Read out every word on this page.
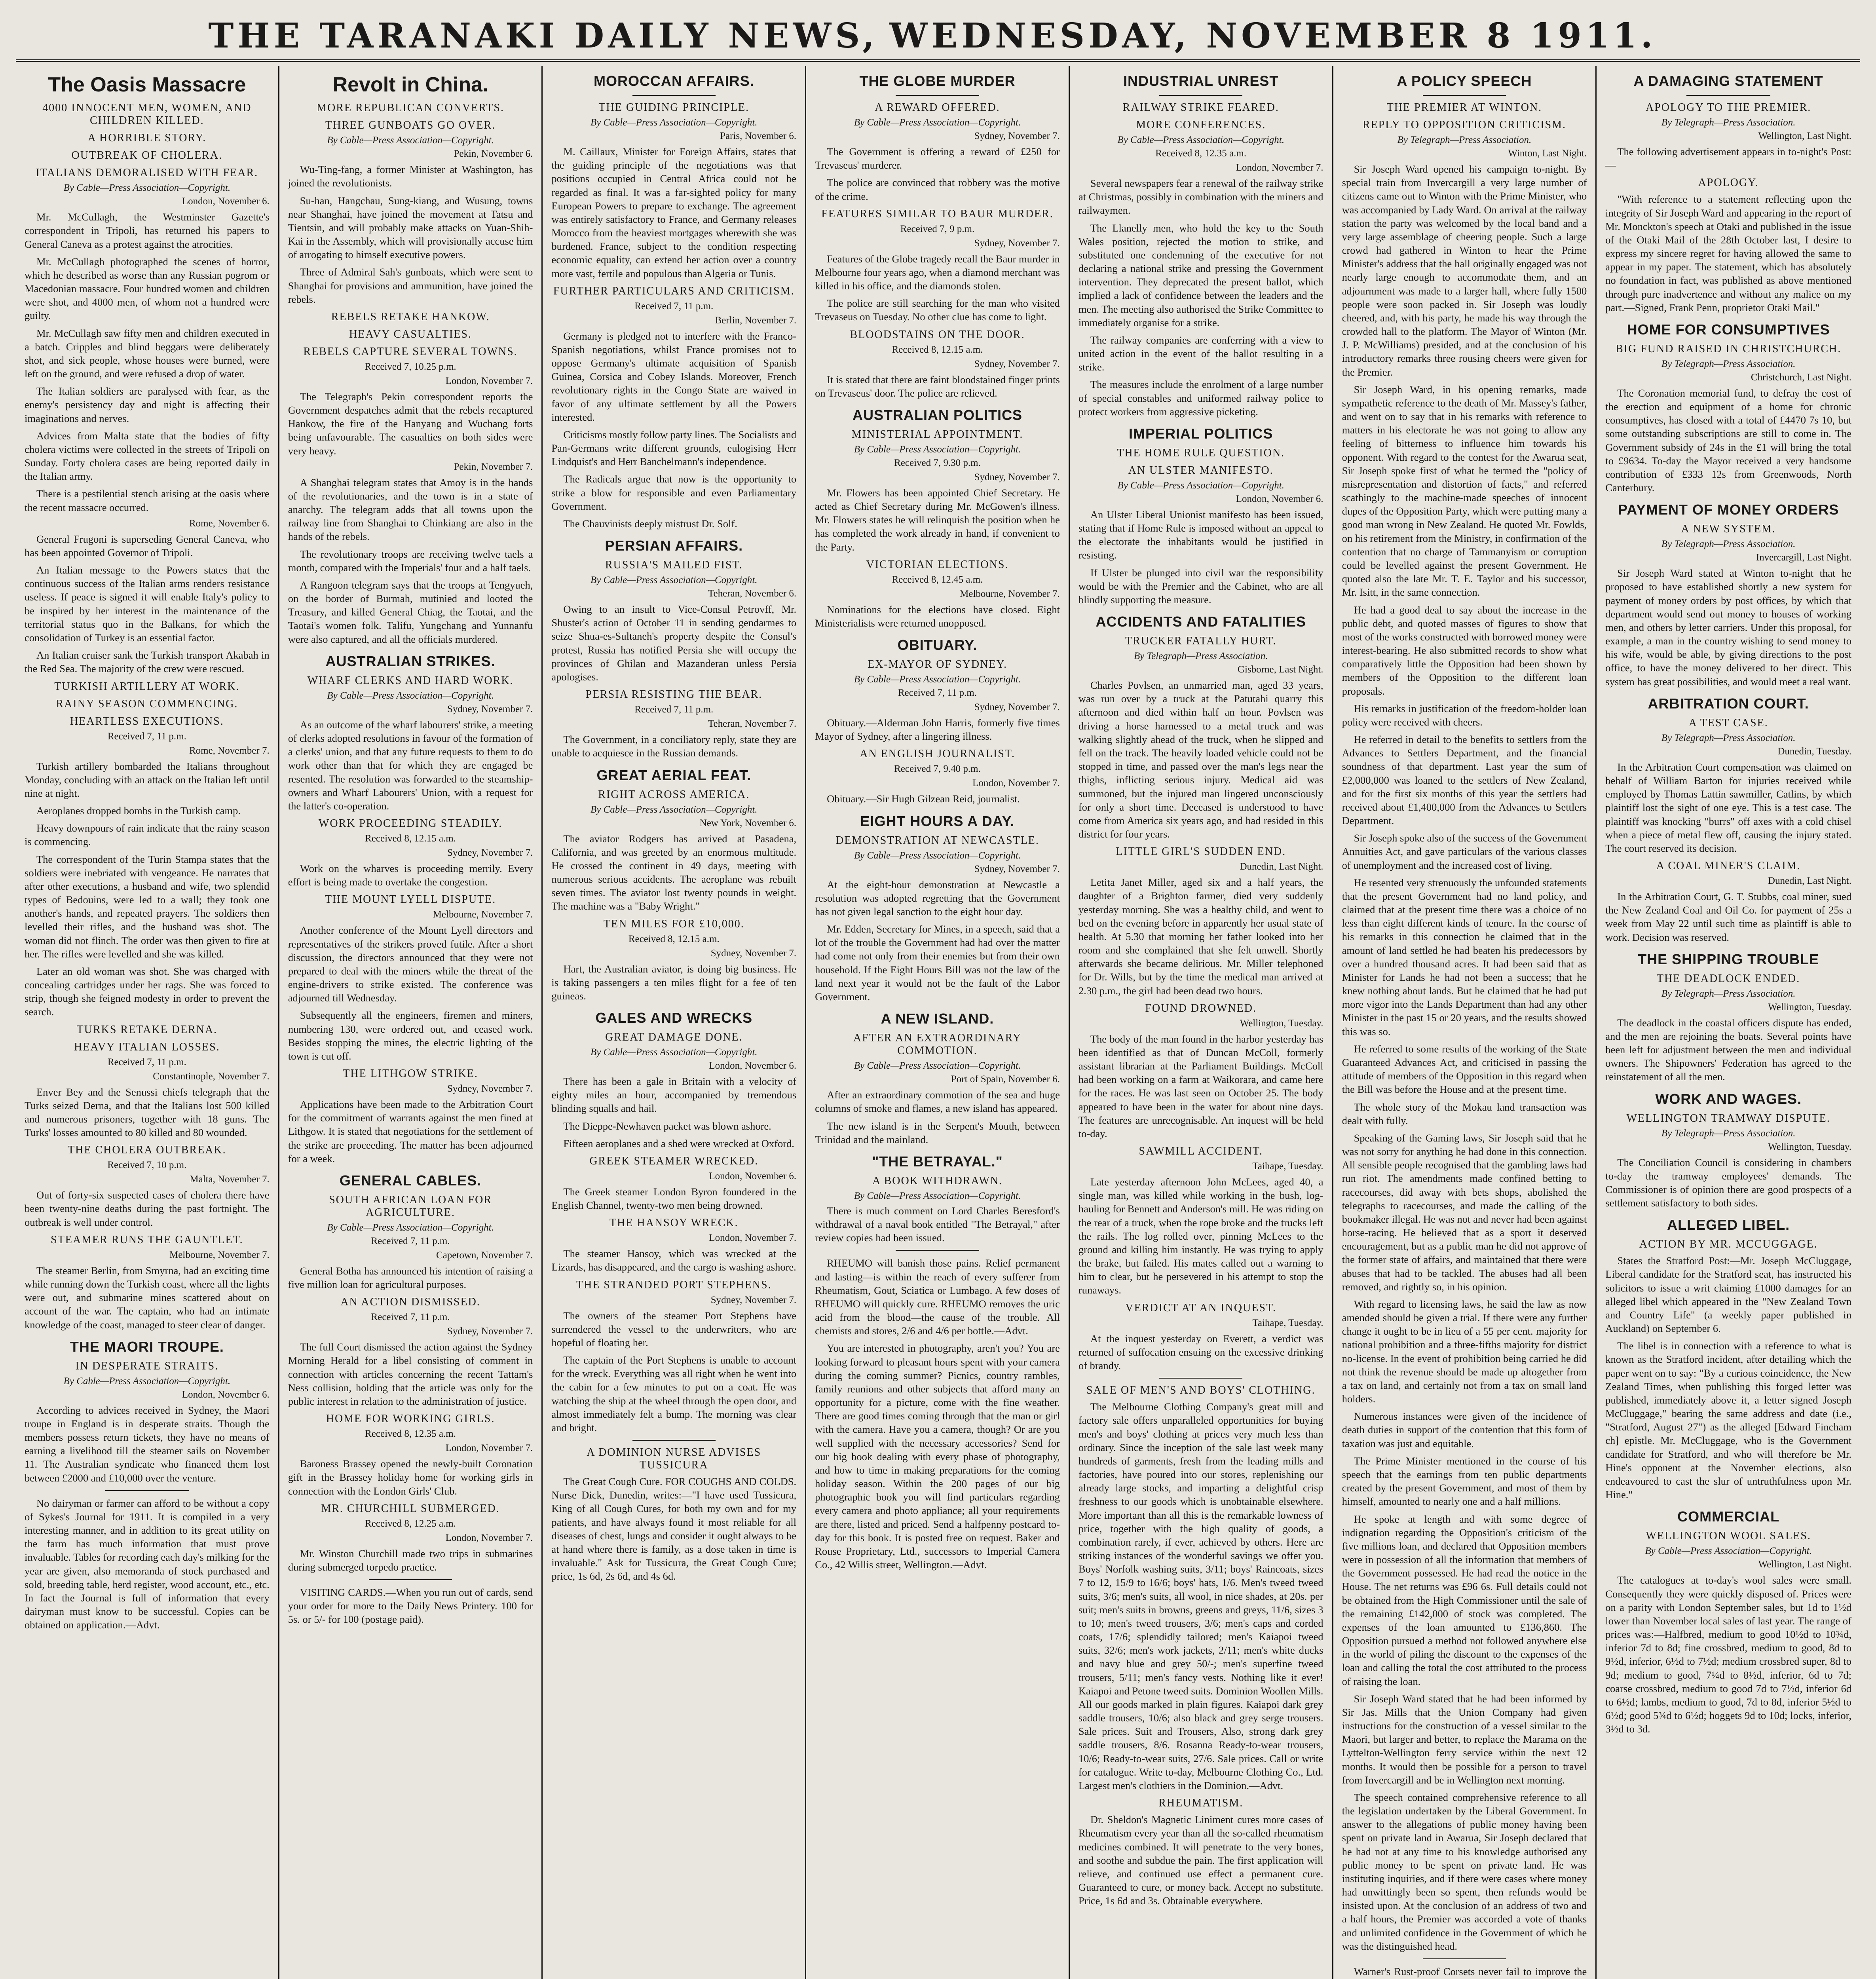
THE TARANAKI DAILY NEWS, WEDNESDAY, NOVEMBER 8 1911.
The Oasis Massacre
4000 INNOCENT MEN, WOMEN, AND CHILDREN KILLED.
A HORRIBLE STORY.
OUTBREAK OF CHOLERA.
ITALIANS DEMORALISED WITH FEAR.
By Cable—Press Association—Copyright.
London, November 6.

Mr. McCullagh, the Westminster Gazette's correspondent in Tripoli, has returned his papers to General Caneva as a protest against the atrocities.

Mr. McCullagh photographed the scenes of horror, which he described as worse than any Russian pogrom or Macedonian massacre. Four hundred women and children were shot, and 4000 men, of whom not a hundred were guilty.

Mr. McCullagh saw fifty men and children executed in a batch. Cripples and blind beggars were deliberately shot, and sick people, whose houses were burned, were left on the ground, and were refused a drop of water.

The Italian soldiers are paralysed with fear, as the enemy's persistency day and night is affecting their imaginations and nerves.

Advices from Malta state that the bodies of fifty cholera victims were collected in the streets of Tripoli on Sunday. Forty cholera cases are being reported daily in the Italian army.

There is a pestilential stench arising at the oasis where the recent massacre occurred.

Rome, November 6.

General Frugoni is superseding General Caneva, who has been appointed Governor of Tripoli.

An Italian message to the Powers states that the continuous success of the Italian arms renders resistance useless. If peace is signed it will enable Italy's policy to be inspired by her interest in the maintenance of the territorial status quo in the Balkans, for which the consolidation of Turkey is an essential factor.

An Italian cruiser sank the Turkish transport Akabah in the Red Sea. The majority of the crew were rescued.

TURKISH ARTILLERY AT WORK.
RAINY SEASON COMMENCING.
HEARTLESS EXECUTIONS.
Received 7, 11 p.m.
Rome, November 7.

Turkish artillery bombarded the Italians throughout Monday, concluding with an attack on the Italian left until nine at night.

Aeroplanes dropped bombs in the Turkish camp.

Heavy downpours of rain indicate that the rainy season is commencing.

The correspondent of the Turin Stampa states that the soldiers were inebriated with vengeance. He narrates that after other executions, a husband and wife, two splendid types of Bedouins, were led to a wall; they took one another's hands, and repeated prayers. The soldiers then levelled their rifles, and the husband was shot. The woman did not flinch. The order was then given to fire at her. The rifles were levelled and she was killed.

Later an old woman was shot. She was charged with concealing cartridges under her rags. She was forced to strip, though she feigned modesty in order to prevent the search.

TURKS RETAKE DERNA.
HEAVY ITALIAN LOSSES.
Received 7, 11 p.m.
Constantinople, November 7.

Enver Bey and the Senussi chiefs telegraph that the Turks seized Derna, and that the Italians lost 500 killed and numerous prisoners, together with 18 guns. The Turks' losses amounted to 80 killed and 80 wounded.

THE CHOLERA OUTBREAK.
Received 7, 10 p.m.
Malta, November 7.

Out of forty-six suspected cases of cholera there have been twenty-nine deaths during the past fortnight. The outbreak is well under control.

STEAMER RUNS THE GAUNTLET.
Melbourne, November 7.

The steamer Berlin, from Smyrna, had an exciting time while running down the Turkish coast, where all the lights were out, and submarine mines scattered about on account of the war. The captain, who had an intimate knowledge of the coast, managed to steer clear of danger.

THE MAORI TROUPE.
IN DESPERATE STRAITS.
By Cable—Press Association—Copyright.
London, November 6.

According to advices received in Sydney, the Maori troupe in England is in desperate straits. Though the members possess return tickets, they have no means of earning a livelihood till the steamer sails on November 11. The Australian syndicate who financed them lost between £2000 and £10,000 over the venture.

No dairyman or farmer can afford to be without a copy of Sykes's Journal for 1911. It is compiled in a very interesting manner, and in addition to its great utility on the farm has much information that must prove invaluable. Tables for recording each day's milking for the year are given, also memoranda of stock purchased and sold, breeding table, herd register, wood account, etc., etc. In fact the Journal is full of information that every dairyman must know to be successful. Copies can be obtained on application.—Advt.

Revolt in China.
MORE REPUBLICAN CONVERTS.
THREE GUNBOATS GO OVER.
By Cable—Press Association—Copyright.
Pekin, November 6.

Wu-Ting-fang, a former Minister at Washington, has joined the revolutionists.

Su-han, Hangchau, Sung-kiang, and Wusung, towns near Shanghai, have joined the movement at Tatsu and Tientsin, and will probably make attacks on Yuan-Shih-Kai in the Assembly, which will provisionally accuse him of arrogating to himself executive powers.

Three of Admiral Sah's gunboats, which were sent to Shanghai for provisions and ammunition, have joined the rebels.

REBELS RETAKE HANKOW.
HEAVY CASUALTIES.
REBELS CAPTURE SEVERAL TOWNS.
Received 7, 10.25 p.m.
London, November 7.

The Telegraph's Pekin correspondent reports the Government despatches admit that the rebels recaptured Hankow, the fire of the Hanyang and Wuchang forts being unfavourable. The casualties on both sides were very heavy.

Pekin, November 7.

A Shanghai telegram states that Amoy is in the hands of the revolutionaries, and the town is in a state of anarchy. The telegram adds that all towns upon the railway line from Shanghai to Chinkiang are also in the hands of the rebels.

The revolutionary troops are receiving twelve taels a month, compared with the Imperials' four and a half taels.

A Rangoon telegram says that the troops at Tengyueh, on the border of Burmah, mutinied and looted the Treasury, and killed General Chiag, the Taotai, and the Taotai's women folk. Talifu, Yungchang and Yunnanfu were also captured, and all the officials murdered.

AUSTRALIAN STRIKES.
WHARF CLERKS AND HARD WORK.
By Cable—Press Association—Copyright.
Sydney, November 7.

As an outcome of the wharf labourers' strike, a meeting of clerks adopted resolutions in favour of the formation of a clerks' union, and that any future requests to them to do work other than that for which they are engaged be resented. The resolution was forwarded to the steamship-owners and Wharf Labourers' Union, with a request for the latter's co-operation.

WORK PROCEEDING STEADILY.
Received 8, 12.15 a.m.
Sydney, November 7.

Work on the wharves is proceeding merrily. Every effort is being made to overtake the congestion.

THE MOUNT LYELL DISPUTE.
Melbourne, November 7.

Another conference of the Mount Lyell directors and representatives of the strikers proved futile. After a short discussion, the directors announced that they were not prepared to deal with the miners while the threat of the engine-drivers to strike existed. The conference was adjourned till Wednesday.

Subsequently all the engineers, firemen and miners, numbering 130, were ordered out, and ceased work. Besides stopping the mines, the electric lighting of the town is cut off.

THE LITHGOW STRIKE.
Sydney, November 7.

Applications have been made to the Arbitration Court for the commitment of warrants against the men fined at Lithgow. It is stated that negotiations for the settlement of the strike are proceeding. The matter has been adjourned for a week.

GENERAL CABLES.
SOUTH AFRICAN LOAN FOR AGRICULTURE.
By Cable—Press Association—Copyright.
Received 7, 11 p.m.
Capetown, November 7.

General Botha has announced his intention of raising a five million loan for agricultural purposes.

AN ACTION DISMISSED.
Received 7, 11 p.m.
Sydney, November 7.

The full Court dismissed the action against the Sydney Morning Herald for a libel consisting of comment in connection with articles concerning the recent Tattam's Ness collision, holding that the article was only for the public interest in relation to the administration of justice.

HOME FOR WORKING GIRLS.
Received 8, 12.35 a.m.
London, November 7.

Baroness Brassey opened the newly-built Coronation gift in the Brassey holiday home for working girls in connection with the London Girls' Club.

MR. CHURCHILL SUBMERGED.
Received 8, 12.25 a.m.
London, November 7.

Mr. Winston Churchill made two trips in submarines during submerged torpedo practice.

VISITING CARDS.—When you run out of cards, send your order for more to the Daily News Printery. 100 for 5s. or 5/- for 100 (postage paid).

MOROCCAN AFFAIRS.
THE GUIDING PRINCIPLE.
By Cable—Press Association—Copyright.
Paris, November 6.

M. Caillaux, Minister for Foreign Affairs, states that the guiding principle of the negotiations was that positions occupied in Central Africa could not be regarded as final. It was a far-sighted policy for many European Powers to prepare to exchange. The agreement was entirely satisfactory to France, and Germany releases Morocco from the heaviest mortgages wherewith she was burdened. France, subject to the condition respecting economic equality, can extend her action over a country more vast, fertile and populous than Algeria or Tunis.

FURTHER PARTICULARS AND CRITICISM.
Received 7, 11 p.m.
Berlin, November 7.

Germany is pledged not to interfere with the Franco-Spanish negotiations, whilst France promises not to oppose Germany's ultimate acquisition of Spanish Guinea, Corsica and Cobey Islands. Moreover, French revolutionary rights in the Congo State are waived in favor of any ultimate settlement by all the Powers interested.

Criticisms mostly follow party lines. The Socialists and Pan-Germans write different grounds, eulogising Herr Lindquist's and Herr Banchelmann's independence.

The Radicals argue that now is the opportunity to strike a blow for responsible and even Parliamentary Government.

The Chauvinists deeply mistrust Dr. Solf.

PERSIAN AFFAIRS.
RUSSIA'S MAILED FIST.
By Cable—Press Association—Copyright.
Teheran, November 6.

Owing to an insult to Vice-Consul Petrovff, Mr. Shuster's action of October 11 in sending gendarmes to seize Shua-es-Sultaneh's property despite the Consul's protest, Russia has notified Persia she will occupy the provinces of Ghilan and Mazanderan unless Persia apologises.

PERSIA RESISTING THE BEAR.
Received 7, 11 p.m.
Teheran, November 7.

The Government, in a conciliatory reply, state they are unable to acquiesce in the Russian demands.

GREAT AERIAL FEAT.
RIGHT ACROSS AMERICA.
By Cable—Press Association—Copyright.
New York, November 6.

The aviator Rodgers has arrived at Pasadena, California, and was greeted by an enormous multitude. He crossed the continent in 49 days, meeting with numerous serious accidents. The aeroplane was rebuilt seven times. The aviator lost twenty pounds in weight. The machine was a "Baby Wright."

TEN MILES FOR £10,000.
Received 8, 12.15 a.m.
Sydney, November 7.

Hart, the Australian aviator, is doing big business. He is taking passengers a ten miles flight for a fee of ten guineas.

GALES AND WRECKS
GREAT DAMAGE DONE.
By Cable—Press Association—Copyright.
London, November 6.

There has been a gale in Britain with a velocity of eighty miles an hour, accompanied by tremendous blinding squalls and hail.

The Dieppe-Newhaven packet was blown ashore.

Fifteen aeroplanes and a shed were wrecked at Oxford.

GREEK STEAMER WRECKED.
London, November 6.

The Greek steamer London Byron foundered in the English Channel, twenty-two men being drowned.

THE HANSOY WRECK.
London, November 7.

The steamer Hansoy, which was wrecked at the Lizards, has disappeared, and the cargo is washing ashore.

THE STRANDED PORT STEPHENS.
Sydney, November 7.

The owners of the steamer Port Stephens have surrendered the vessel to the underwriters, who are hopeful of floating her.

The captain of the Port Stephens is unable to account for the wreck. Everything was all right when he went into the cabin for a few minutes to put on a coat. He was watching the ship at the wheel through the open door, and almost immediately felt a bump. The morning was clear and bright.

A DOMINION NURSE ADVISES TUSSICURA

The Great Cough Cure. FOR COUGHS AND COLDS. Nurse Dick, Dunedin, writes:—"I have used Tussicura, King of all Cough Cures, for both my own and for my patients, and have always found it most reliable for all diseases of chest, lungs and consider it ought always to be at hand where there is family, as a dose taken in time is invaluable." Ask for Tussicura, the Great Cough Cure; price, 1s 6d, 2s 6d, and 4s 6d.

THE GLOBE MURDER
A REWARD OFFERED.
By Cable—Press Association—Copyright.
Sydney, November 7.

The Government is offering a reward of £250 for Trevaseus' murderer.

The police are convinced that robbery was the motive of the crime.

FEATURES SIMILAR TO BAUR MURDER.
Received 7, 9 p.m.
Sydney, November 7.

Features of the Globe tragedy recall the Baur murder in Melbourne four years ago, when a diamond merchant was killed in his office, and the diamonds stolen.

The police are still searching for the man who visited Trevaseus on Tuesday. No other clue has come to light.

BLOODSTAINS ON THE DOOR.
Received 8, 12.15 a.m.
Sydney, November 7.

It is stated that there are faint bloodstained finger prints on Trevaseus' door. The police are relieved.

AUSTRALIAN POLITICS
MINISTERIAL APPOINTMENT.
By Cable—Press Association—Copyright.
Received 7, 9.30 p.m.
Sydney, November 7.

Mr. Flowers has been appointed Chief Secretary. He acted as Chief Secretary during Mr. McGowen's illness. Mr. Flowers states he will relinquish the position when he has completed the work already in hand, if convenient to the Party.

VICTORIAN ELECTIONS.
Received 8, 12.45 a.m.
Melbourne, November 7.

Nominations for the elections have closed. Eight Ministerialists were returned unopposed.

OBITUARY.
EX-MAYOR OF SYDNEY.
By Cable—Press Association—Copyright.
Received 7, 11 p.m.
Sydney, November 7.

Obituary.—Alderman John Harris, formerly five times Mayor of Sydney, after a lingering illness.

AN ENGLISH JOURNALIST.
Received 7, 9.40 p.m.
London, November 7.

Obituary.—Sir Hugh Gilzean Reid, journalist.

EIGHT HOURS A DAY.
DEMONSTRATION AT NEWCASTLE.
By Cable—Press Association—Copyright.
Sydney, November 7.

At the eight-hour demonstration at Newcastle a resolution was adopted regretting that the Government has not given legal sanction to the eight hour day.

Mr. Edden, Secretary for Mines, in a speech, said that a lot of the trouble the Government had had over the matter had come not only from their enemies but from their own household. If the Eight Hours Bill was not the law of the land next year it would not be the fault of the Labor Government.

A NEW ISLAND.
AFTER AN EXTRAORDINARY COMMOTION.
By Cable—Press Association—Copyright.
Port of Spain, November 6.

After an extraordinary commotion of the sea and huge columns of smoke and flames, a new island has appeared.

The new island is in the Serpent's Mouth, between Trinidad and the mainland.

"THE BETRAYAL."
A BOOK WITHDRAWN.
By Cable—Press Association—Copyright.

There is much comment on Lord Charles Beresford's withdrawal of a naval book entitled "The Betrayal," after review copies had been issued.

RHEUMO will banish those pains. Relief permanent and lasting—is within the reach of every sufferer from Rheumatism, Gout, Sciatica or Lumbago. A few doses of RHEUMO will quickly cure. RHEUMO removes the uric acid from the blood—the cause of the trouble. All chemists and stores, 2/6 and 4/6 per bottle.—Advt.

You are interested in photography, aren't you? You are looking forward to pleasant hours spent with your camera during the coming summer? Picnics, country rambles, family reunions and other subjects that afford many an opportunity for a picture, come with the fine weather. There are good times coming through that the man or girl with the camera. Have you a camera, though? Or are you well supplied with the necessary accessories? Send for our big book dealing with every phase of photography, and how to time in making preparations for the coming holiday season. Within the 200 pages of our big photographic book you will find particulars regarding every camera and photo appliance; all your requirements are there, listed and priced. Send a halfpenny postcard to-day for this book. It is posted free on request. Baker and Rouse Proprietary, Ltd., successors to Imperial Camera Co., 42 Willis street, Wellington.—Advt.

INDUSTRIAL UNREST
RAILWAY STRIKE FEARED.
MORE CONFERENCES.
By Cable—Press Association—Copyright.
Received 8, 12.35 a.m.
London, November 7.

Several newspapers fear a renewal of the railway strike at Christmas, possibly in combination with the miners and railwaymen.

The Llanelly men, who hold the key to the South Wales position, rejected the motion to strike, and substituted one condemning of the executive for not declaring a national strike and pressing the Government intervention. They deprecated the present ballot, which implied a lack of confidence between the leaders and the men. The meeting also authorised the Strike Committee to immediately organise for a strike.

The railway companies are conferring with a view to united action in the event of the ballot resulting in a strike.

The measures include the enrolment of a large number of special constables and uniformed railway police to protect workers from aggressive picketing.

IMPERIAL POLITICS
THE HOME RULE QUESTION.
AN ULSTER MANIFESTO.
By Cable—Press Association—Copyright.
London, November 6.

An Ulster Liberal Unionist manifesto has been issued, stating that if Home Rule is imposed without an appeal to the electorate the inhabitants would be justified in resisting.

If Ulster be plunged into civil war the responsibility would be with the Premier and the Cabinet, who are all blindly supporting the measure.

ACCIDENTS AND FATALITIES
TRUCKER FATALLY HURT.
By Telegraph—Press Association.
Gisborne, Last Night.

Charles Povlsen, an unmarried man, aged 33 years, was run over by a truck at the Patutahi quarry this afternoon and died within half an hour. Povlsen was driving a horse harnessed to a metal truck and was walking slightly ahead of the truck, when he slipped and fell on the track. The heavily loaded vehicle could not be stopped in time, and passed over the man's legs near the thighs, inflicting serious injury. Medical aid was summoned, but the injured man lingered unconsciously for only a short time. Deceased is understood to have come from America six years ago, and had resided in this district for four years.

LITTLE GIRL'S SUDDEN END.
Dunedin, Last Night.

Letita Janet Miller, aged six and a half years, the daughter of a Brighton farmer, died very suddenly yesterday morning. She was a healthy child, and went to bed on the evening before in apparently her usual state of health. At 5.30 that morning her father looked into her room and she complained that she felt unwell. Shortly afterwards she became delirious. Mr. Miller telephoned for Dr. Wills, but by the time the medical man arrived at 2.30 p.m., the girl had been dead two hours.

FOUND DROWNED.
Wellington, Tuesday.

The body of the man found in the harbor yesterday has been identified as that of Duncan McColl, formerly assistant librarian at the Parliament Buildings. McColl had been working on a farm at Waikorara, and came here for the races. He was last seen on October 25. The body appeared to have been in the water for about nine days. The features are unrecognisable. An inquest will be held to-day.

SAWMILL ACCIDENT.
Taihape, Tuesday.

Late yesterday afternoon John McLees, aged 40, a single man, was killed while working in the bush, log-hauling for Bennett and Anderson's mill. He was riding on the rear of a truck, when the rope broke and the trucks left the rails. The log rolled over, pinning McLees to the ground and killing him instantly. He was trying to apply the brake, but failed. His mates called out a warning to him to clear, but he persevered in his attempt to stop the runaways.

VERDICT AT AN INQUEST.
Taihape, Tuesday.

At the inquest yesterday on Everett, a verdict was returned of suffocation ensuing on the excessive drinking of brandy.

SALE OF MEN'S AND BOYS' CLOTHING.

The Melbourne Clothing Company's great mill and factory sale offers unparalleled opportunities for buying men's and boys' clothing at prices very much less than ordinary. Since the inception of the sale last week many hundreds of garments, fresh from the leading mills and factories, have poured into our stores, replenishing our already large stocks, and imparting a delightful crisp freshness to our goods which is unobtainable elsewhere. More important than all this is the remarkable lowness of price, together with the high quality of goods, a combination rarely, if ever, achieved by others. Here are striking instances of the wonderful savings we offer you. Boys' Norfolk washing suits, 3/11; boys' Raincoats, sizes 7 to 12, 15/9 to 16/6; boys' hats, 1/6. Men's tweed tweed suits, 3/6; men's suits, all wool, in nice shades, at 20s. per suit; men's suits in browns, greens and greys, 11/6, sizes 3 to 10; men's tweed trousers, 3/6; men's caps and corded coats, 17/6; splendidly tailored; men's Kaiapoi tweed suits, 32/6; men's work jackets, 2/11; men's white ducks and navy blue and grey 50/-; men's superfine tweed trousers, 5/11; men's fancy vests. Nothing like it ever! Kaiapoi and Petone tweed suits. Dominion Woollen Mills. All our goods marked in plain figures. Kaiapoi dark grey saddle trousers, 10/6; also black and grey serge trousers. Sale prices. Suit and Trousers, Also, strong dark grey saddle trousers, 8/6. Rosanna Ready-to-wear trousers, 10/6; Ready-to-wear suits, 27/6. Sale prices. Call or write for catalogue. Write to-day, Melbourne Clothing Co., Ltd. Largest men's clothiers in the Dominion.—Advt.

RHEUMATISM.

Dr. Sheldon's Magnetic Liniment cures more cases of Rheumatism every year than all the so-called rheumatism medicines combined. It will penetrate to the very bones, and soothe and subdue the pain. The first application will relieve, and continued use effect a permanent cure. Guaranteed to cure, or money back. Accept no substitute. Price, 1s 6d and 3s. Obtainable everywhere.

A POLICY SPEECH
THE PREMIER AT WINTON.
REPLY TO OPPOSITION CRITICISM.
By Telegraph—Press Association.
Winton, Last Night.

Sir Joseph Ward opened his campaign to-night. By special train from Invercargill a very large number of citizens came out to Winton with the Prime Minister, who was accompanied by Lady Ward. On arrival at the railway station the party was welcomed by the local band and a very large assemblage of cheering people. Such a large crowd had gathered in Winton to hear the Prime Minister's address that the hall originally engaged was not nearly large enough to accommodate them, and an adjournment was made to a larger hall, where fully 1500 people were soon packed in. Sir Joseph was loudly cheered, and, with his party, he made his way through the crowded hall to the platform. The Mayor of Winton (Mr. J. P. McWilliams) presided, and at the conclusion of his introductory remarks three rousing cheers were given for the Premier.

Sir Joseph Ward, in his opening remarks, made sympathetic reference to the death of Mr. Massey's father, and went on to say that in his remarks with reference to matters in his electorate he was not going to allow any feeling of bitterness to influence him towards his opponent. With regard to the contest for the Awarua seat, Sir Joseph spoke first of what he termed the "policy of misrepresentation and distortion of facts," and referred scathingly to the machine-made speeches of innocent dupes of the Opposition Party, which were putting many a good man wrong in New Zealand. He quoted Mr. Fowlds, on his retirement from the Ministry, in confirmation of the contention that no charge of Tammanyism or corruption could be levelled against the present Government. He quoted also the late Mr. T. E. Taylor and his successor, Mr. Isitt, in the same connection.

He had a good deal to say about the increase in the public debt, and quoted masses of figures to show that most of the works constructed with borrowed money were interest-bearing. He also submitted records to show what comparatively little the Opposition had been shown by members of the Opposition to the different loan proposals.

His remarks in justification of the freedom-holder loan policy were received with cheers.

He referred in detail to the benefits to settlers from the Advances to Settlers Department, and the financial soundness of that department. Last year the sum of £2,000,000 was loaned to the settlers of New Zealand, and for the first six months of this year the settlers had received about £1,400,000 from the Advances to Settlers Department.

Sir Joseph spoke also of the success of the Government Annuities Act, and gave particulars of the various classes of unemployment and the increased cost of living.

He resented very strenuously the unfounded statements that the present Government had no land policy, and claimed that at the present time there was a choice of no less than eight different kinds of tenure. In the course of his remarks in this connection he claimed that in the amount of land settled he had beaten his predecessors by over a hundred thousand acres. It had been said that as Minister for Lands he had not been a success; that he knew nothing about lands. But he claimed that he had put more vigor into the Lands Department than had any other Minister in the past 15 or 20 years, and the results showed this was so.

He referred to some results of the working of the State Guaranteed Advances Act, and criticised in passing the attitude of members of the Opposition in this regard when the Bill was before the House and at the present time.

The whole story of the Mokau land transaction was dealt with fully.

Speaking of the Gaming laws, Sir Joseph said that he was not sorry for anything he had done in this connection. All sensible people recognised that the gambling laws had run riot. The amendments made confined betting to racecourses, did away with bets shops, abolished the telegraphs to racecourses, and made the calling of the bookmaker illegal. He was not and never had been against horse-racing. He believed that as a sport it deserved encouragement, but as a public man he did not approve of the former state of affairs, and maintained that there were abuses that had to be tackled. The abuses had all been removed, and rightly so, in his opinion.

With regard to licensing laws, he said the law as now amended should be given a trial. If there were any further change it ought to be in lieu of a 55 per cent. majority for national prohibition and a three-fifths majority for district no-license. In the event of prohibition being carried he did not think the revenue should be made up altogether from a tax on land, and certainly not from a tax on small land holders.

Numerous instances were given of the incidence of death duties in support of the contention that this form of taxation was just and equitable.

The Prime Minister mentioned in the course of his speech that the earnings from ten public departments created by the present Government, and most of them by himself, amounted to nearly one and a half millions.

He spoke at length and with some degree of indignation regarding the Opposition's criticism of the five millions loan, and declared that Opposition members were in possession of all the information that members of the Government possessed. He had read the notice in the House. The net returns was £96 6s. Full details could not be obtained from the High Commissioner until the sale of the remaining £142,000 of stock was completed. The expenses of the loan amounted to £136,860. The Opposition pursued a method not followed anywhere else in the world of piling the discount to the expenses of the loan and calling the total the cost attributed to the process of raising the loan.

Sir Joseph Ward stated that he had been informed by Sir Jas. Mills that the Union Company had given instructions for the construction of a vessel similar to the Maori, but larger and better, to replace the Marama on the Lyttelton-Wellington ferry service within the next 12 months. It would then be possible for a person to travel from Invercargill and be in Wellington next morning.

The speech contained comprehensive reference to all the legislation undertaken by the Liberal Government. In answer to the allegations of public money having been spent on private land in Awarua, Sir Joseph declared that he had not at any time to his knowledge authorised any public money to be spent on private land. He was instituting inquiries, and if there were cases where money had unwittingly been so spent, then refunds would be insisted upon. At the conclusion of an address of two and a half hours, the Premier was accorded a vote of thanks and unlimited confidence in the Government of which he was the distinguished head.

Warner's Rust-proof Corsets never fail to improve the

A DAMAGING STATEMENT
APOLOGY TO THE PREMIER.
By Telegraph—Press Association.
Wellington, Last Night.

The following advertisement appears in to-night's Post:—

APOLOGY.

"With reference to a statement reflecting upon the integrity of Sir Joseph Ward and appearing in the report of Mr. Monckton's speech at Otaki and published in the issue of the Otaki Mail of the 28th October last, I desire to express my sincere regret for having allowed the same to appear in my paper. The statement, which has absolutely no foundation in fact, was published as above mentioned through pure inadvertence and without any malice on my part.—Signed, Frank Penn, proprietor Otaki Mail."

HOME FOR CONSUMPTIVES
BIG FUND RAISED IN CHRISTCHURCH.
By Telegraph—Press Association.
Christchurch, Last Night.

The Coronation memorial fund, to defray the cost of the erection and equipment of a home for chronic consumptives, has closed with a total of £4470 7s 10, but some outstanding subscriptions are still to come in. The Government subsidy of 24s in the £1 will bring the total to £9634. To-day the Mayor received a very handsome contribution of £333 12s from Greenwoods, North Canterbury.

PAYMENT OF MONEY ORDERS
A NEW SYSTEM.
By Telegraph—Press Association.
Invercargill, Last Night.

Sir Joseph Ward stated at Winton to-night that he proposed to have established shortly a new system for payment of money orders by post offices, by which that department would send out money to houses of working men, and others by letter carriers. Under this proposal, for example, a man in the country wishing to send money to his wife, would be able, by giving directions to the post office, to have the money delivered to her direct. This system has great possibilities, and would meet a real want.

ARBITRATION COURT.
A TEST CASE.
By Telegraph—Press Association.
Dunedin, Tuesday.

In the Arbitration Court compensation was claimed on behalf of William Barton for injuries received while employed by Thomas Lattin sawmiller, Catlins, by which plaintiff lost the sight of one eye. This is a test case. The plaintiff was knocking "burrs" off axes with a cold chisel when a piece of metal flew off, causing the injury stated. The court reserved its decision.

A COAL MINER'S CLAIM.
Dunedin, Last Night.

In the Arbitration Court, G. T. Stubbs, coal miner, sued the New Zealand Coal and Oil Co. for payment of 25s a week from May 22 until such time as plaintiff is able to work. Decision was reserved.

THE SHIPPING TROUBLE
THE DEADLOCK ENDED.
By Telegraph—Press Association.
Wellington, Tuesday.

The deadlock in the coastal officers dispute has ended, and the men are rejoining the boats. Several points have been left for adjustment between the men and individual owners. The Shipowners' Federation has agreed to the reinstatement of all the men.

WORK AND WAGES.
WELLINGTON TRAMWAY DISPUTE.
By Telegraph—Press Association.
Wellington, Tuesday.

The Conciliation Council is considering in chambers to-day the tramway employees' demands. The Commissioner is of opinion there are good prospects of a settlement satisfactory to both sides.

ALLEGED LIBEL.
ACTION BY MR. MCCUGGAGE.

States the Stratford Post:—Mr. Joseph McCluggage, Liberal candidate for the Stratford seat, has instructed his solicitors to issue a writ claiming £1000 damages for an alleged libel which appeared in the "New Zealand Town and Country Life" (a weekly paper published in Auckland) on September 6.

The libel is in connection with a reference to what is known as the Stratford incident, after detailing which the paper went on to say: "By a curious coincidence, the New Zealand Times, when publishing this forged letter was published, immediately above it, a letter signed Joseph McCluggage," bearing the same address and date (i.e., "Stratford, August 27") as the alleged [Edward Fincham ch] epistle. Mr. McCluggage, who is the Government candidate for Stratford, and who will therefore be Mr. Hine's opponent at the November elections, also endeavoured to cast the slur of untruthfulness upon Mr. Hine."

COMMERCIAL
WELLINGTON WOOL SALES.
By Cable—Press Association—Copyright.
Wellington, Last Night.

The catalogues at to-day's wool sales were small. Consequently they were quickly disposed of. Prices were on a parity with London September sales, but 1d to 1½d lower than November local sales of last year. The range of prices was:—Halfbred, medium to good 10½d to 10¾d, inferior 7d to 8d; fine crossbred, medium to good, 8d to 9½d, inferior, 6½d to 7½d; medium crossbred super, 8d to 9d; medium to good, 7¼d to 8½d, inferior, 6d to 7d; coarse crossbred, medium to good 7d to 7½d, inferior 6d to 6½d; lambs, medium to good, 7d to 8d, inferior 5½d to 6½d; good 5¾d to 6½d; hoggets 9d to 10d; locks, inferior, 3½d to 3d.
